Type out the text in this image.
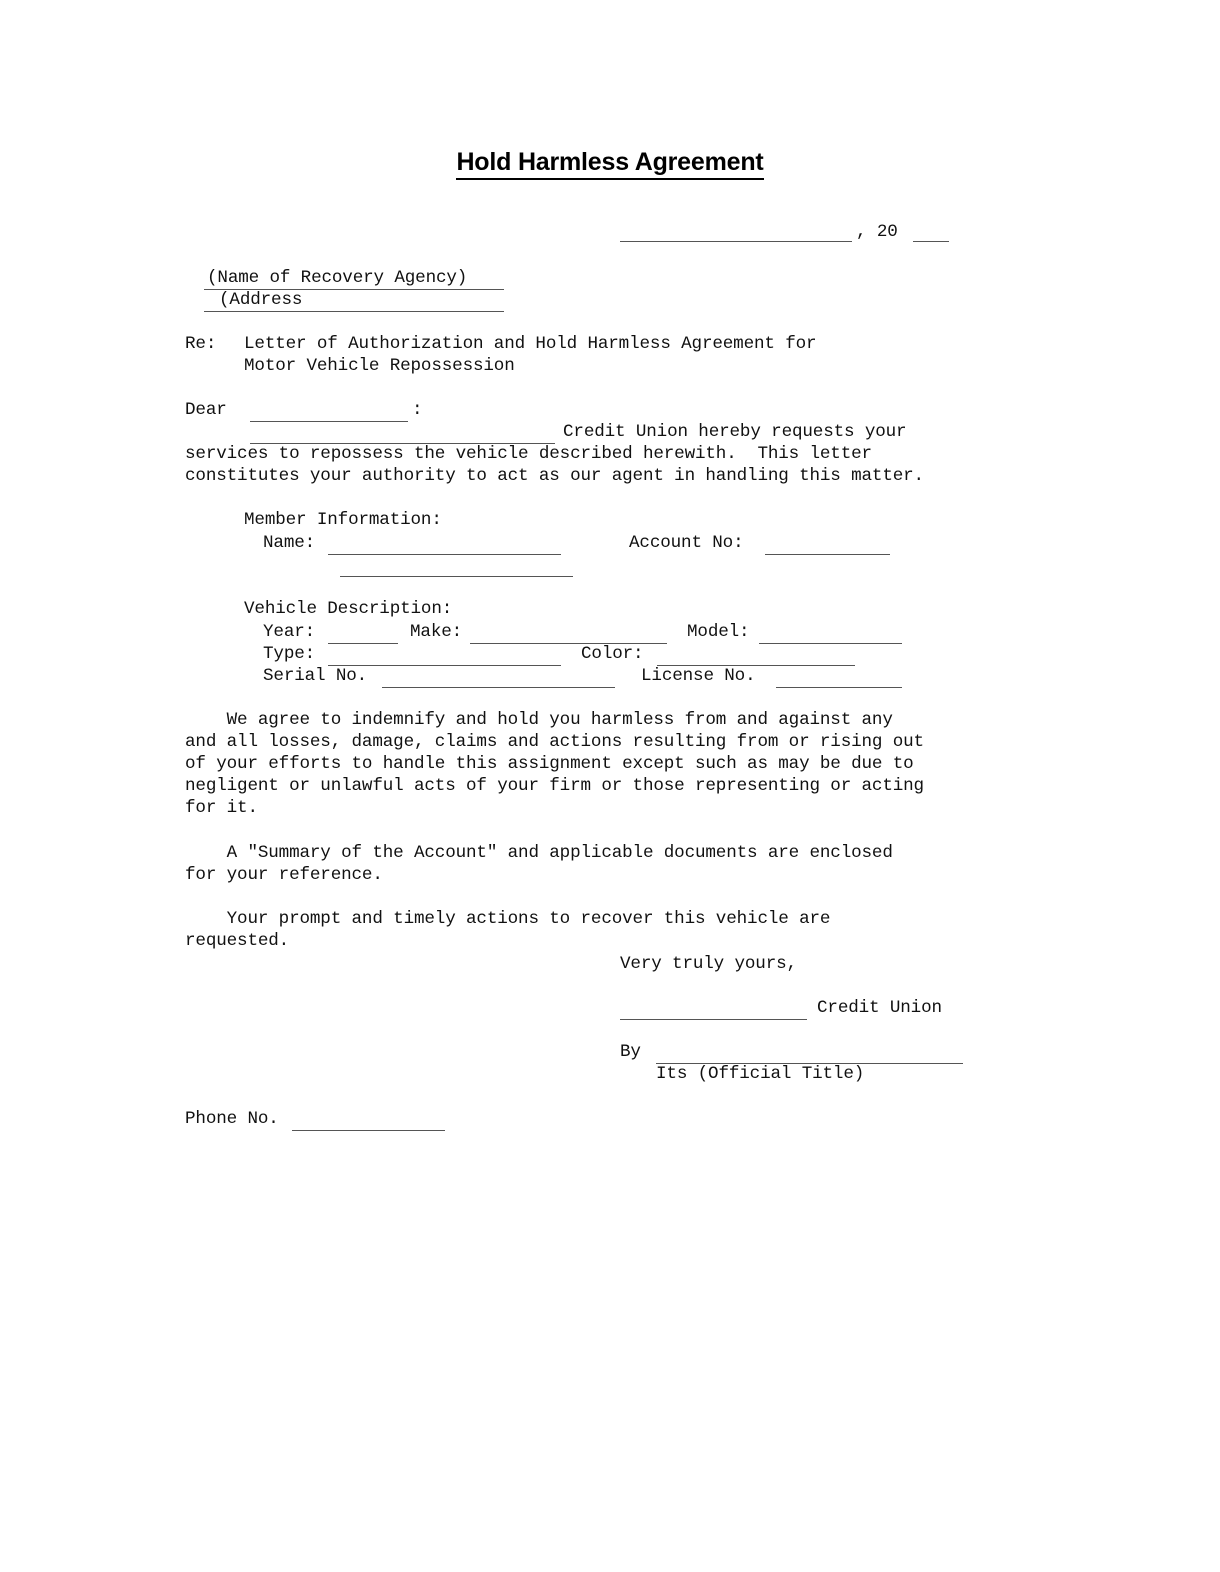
Hold Harmless Agreement
, 20
(Name of Recovery Agency)
(Address
Re: Letter of Authorization and Hold Harmless Agreement for
Motor Vehicle Repossession
Dear	:
Credit Union hereby requests your
services to repossess the vehicle described herewith.  This letter
constitutes your authority to act as our agent in handling this matter.
Member Information:
Name:	Account No:
Vehicle Description:
Year:	Make:	Model:
Type:	Color:
Serial No.	License No.
We agree to indemnify and hold you harmless from and against any
and all losses, damage, claims and actions resulting from or rising out
of your efforts to handle this assignment except such as may be due to
negligent or unlawful acts of your firm or those representing or acting
for it.
A "Summary of the Account" and applicable documents are enclosed
for your reference.
Your prompt and timely actions to recover this vehicle are
requested.
Very truly yours,
Credit Union
By
Its (Official Title)
Phone No.
